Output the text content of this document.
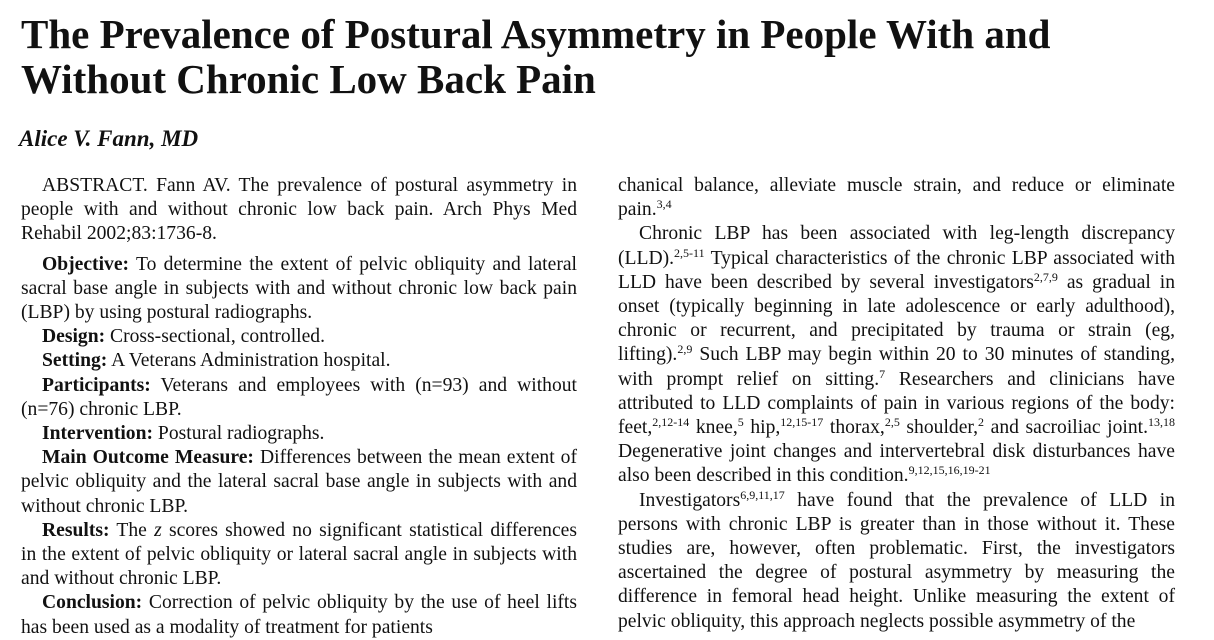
The Prevalence of Postural Asymmetry in People With and Without Chronic Low Back Pain
Alice V. Fann, MD

ABSTRACT. Fann AV. The prevalence of postural asymmetry in people with and without chronic low back pain. Arch Phys Med Rehabil 2002;83:1736-8.

Objective: To determine the extent of pelvic obliquity and lateral sacral base angle in subjects with and without chronic low back pain (LBP) by using postural radiographs.

Design: Cross-sectional, controlled.

Setting: A Veterans Administration hospital.

Participants: Veterans and employees with (n=93) and without (n=76) chronic LBP.

Intervention: Postural radiographs.

Main Outcome Measure: Differences between the mean extent of pelvic obliquity and the lateral sacral base angle in subjects with and without chronic LBP.

Results: The z scores showed no significant statistical differences in the extent of pelvic obliquity or lateral sacral angle in subjects with and without chronic LBP.

Conclusion: Correction of pelvic obliquity by the use of heel lifts has been used as a modality of treatment for patients

chanical balance, alleviate muscle strain, and reduce or eliminate pain.$^{3,4}$

Chronic LBP has been associated with leg-length discrepancy (LLD).$^{2,5-11}$ Typical characteristics of the chronic LBP associated with LLD have been described by several investigators$^{2,7,9}$ as gradual in onset (typically beginning in late adolescence or early adulthood), chronic or recurrent, and precipitated by trauma or strain (eg, lifting).$^{2,9}$ Such LBP may begin within 20 to 30 minutes of standing, with prompt relief on sitting.$^7$ Researchers and clinicians have attributed to LLD complaints of pain in various regions of the body: feet,$^{2,12-14}$ knee,$^5$ hip,$^{12,15-17}$ thorax,$^{2,5}$ shoulder,$^2$ and sacroiliac joint.$^{13,18}$ Degenerative joint changes and intervertebral disk disturbances have also been described in this condition.$^{9,12,15,16,19-21}$

Investigators$^{6,9,11,17}$ have found that the prevalence of LLD in persons with chronic LBP is greater than in those without it. These studies are, however, often problematic. First, the investigators ascertained the degree of postural asymmetry by measuring the difference in femoral head height. Unlike measuring the extent of pelvic obliquity, this approach neglects possible asymmetry of the
